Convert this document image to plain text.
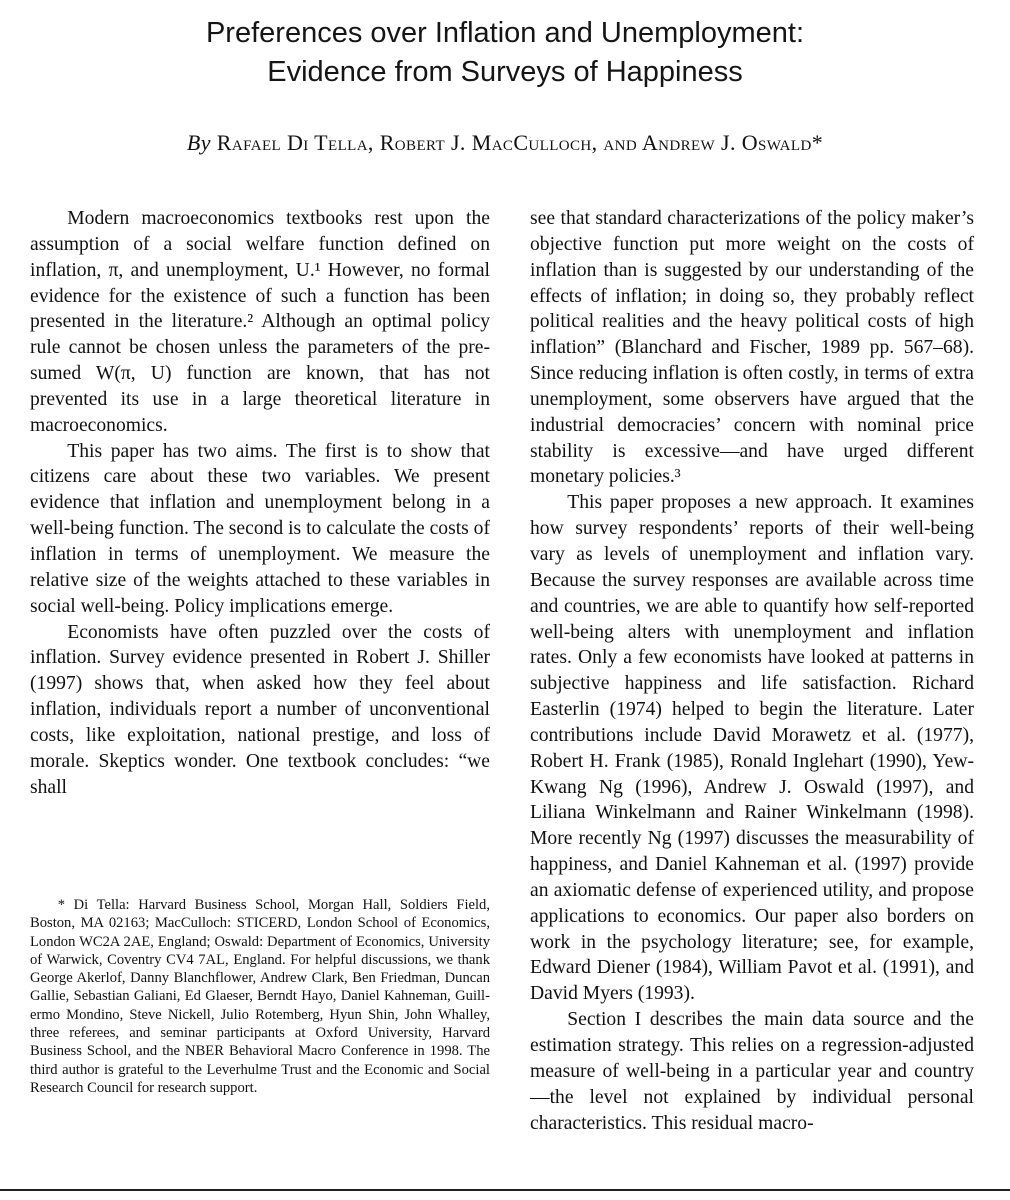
Preferences over Inflation and Unemployment:
Evidence from Surveys of Happiness
By Rafael Di Tella, Robert J. MacCulloch, and Andrew J. Oswald*

Modern macroeconomics textbooks rest upon the assumption of a social welfare function defined on inflation, π, and unemployment, U.¹ However, no formal evidence for the existence of such a function has been presented in the literature.² Although an optimal policy rule cannot be chosen unless the parameters of the presumed W(π, U) function are known, that has not prevented its use in a large theoretical literature in macroeconomics.

This paper has two aims. The first is to show that citizens care about these two variables. We present evidence that inflation and unemployment belong in a well-being function. The second is to calculate the costs of inflation in terms of unemployment. We measure the relative size of the weights attached to these variables in social well-being. Policy implications emerge.

Economists have often puzzled over the costs of inflation. Survey evidence presented in Robert J. Shiller (1997) shows that, when asked how they feel about inflation, individuals report a number of unconventional costs, like exploitation, national prestige, and loss of morale. Skeptics wonder. One textbook concludes: “we shall

* Di Tella: Harvard Business School, Morgan Hall, Soldiers Field, Boston, MA 02163; MacCulloch: STICERD, London School of Economics, London WC2A 2AE, England; Oswald: Department of Economics, University of Warwick, Coventry CV4 7AL, England. For helpful discussions, we thank George Akerlof, Danny Blanchflower, Andrew Clark, Ben Friedman, Duncan Gallie, Sebastian Galiani, Ed Glaeser, Berndt Hayo, Daniel Kahneman, Guillermo Mondino, Steve Nickell, Julio Rotemberg, Hyun Shin, John Whalley, three referees, and seminar participants at Oxford University, Harvard Business School, and the NBER Behavioral Macro Conference in 1998. The third author is grateful to the Leverhulme Trust and the Economic and Social Research Council for research support.

see that standard characterizations of the policy maker’s objective function put more weight on the costs of inflation than is suggested by our understanding of the effects of inflation; in doing so, they probably reflect political realities and the heavy political costs of high inflation” (Blanchard and Fischer, 1989 pp. 567–68). Since reducing inflation is often costly, in terms of extra unemployment, some observers have argued that the industrial democracies’ concern with nominal price stability is excessive—and have urged different monetary policies.³

This paper proposes a new approach. It examines how survey respondents’ reports of their well-being vary as levels of unemployment and inflation vary. Because the survey responses are available across time and countries, we are able to quantify how self-reported well-being alters with unemployment and inflation rates. Only a few economists have looked at patterns in subjective happiness and life satisfaction. Richard Easterlin (1974) helped to begin the literature. Later contributions include David Morawetz et al. (1977), Robert H. Frank (1985), Ronald Inglehart (1990), Yew-Kwang Ng (1996), Andrew J. Oswald (1997), and Liliana Winkelmann and Rainer Winkelmann (1998). More recently Ng (1997) discusses the measurability of happiness, and Daniel Kahneman et al. (1997) provide an axiomatic defense of experienced utility, and propose applications to economics. Our paper also borders on work in the psychology literature; see, for example, Edward Diener (1984), William Pavot et al. (1991), and David Myers (1993).

Section I describes the main data source and the estimation strategy. This relies on a regression-adjusted measure of well-being in a particular year and country—the level not explained by individual personal characteristics. This residual macro-
